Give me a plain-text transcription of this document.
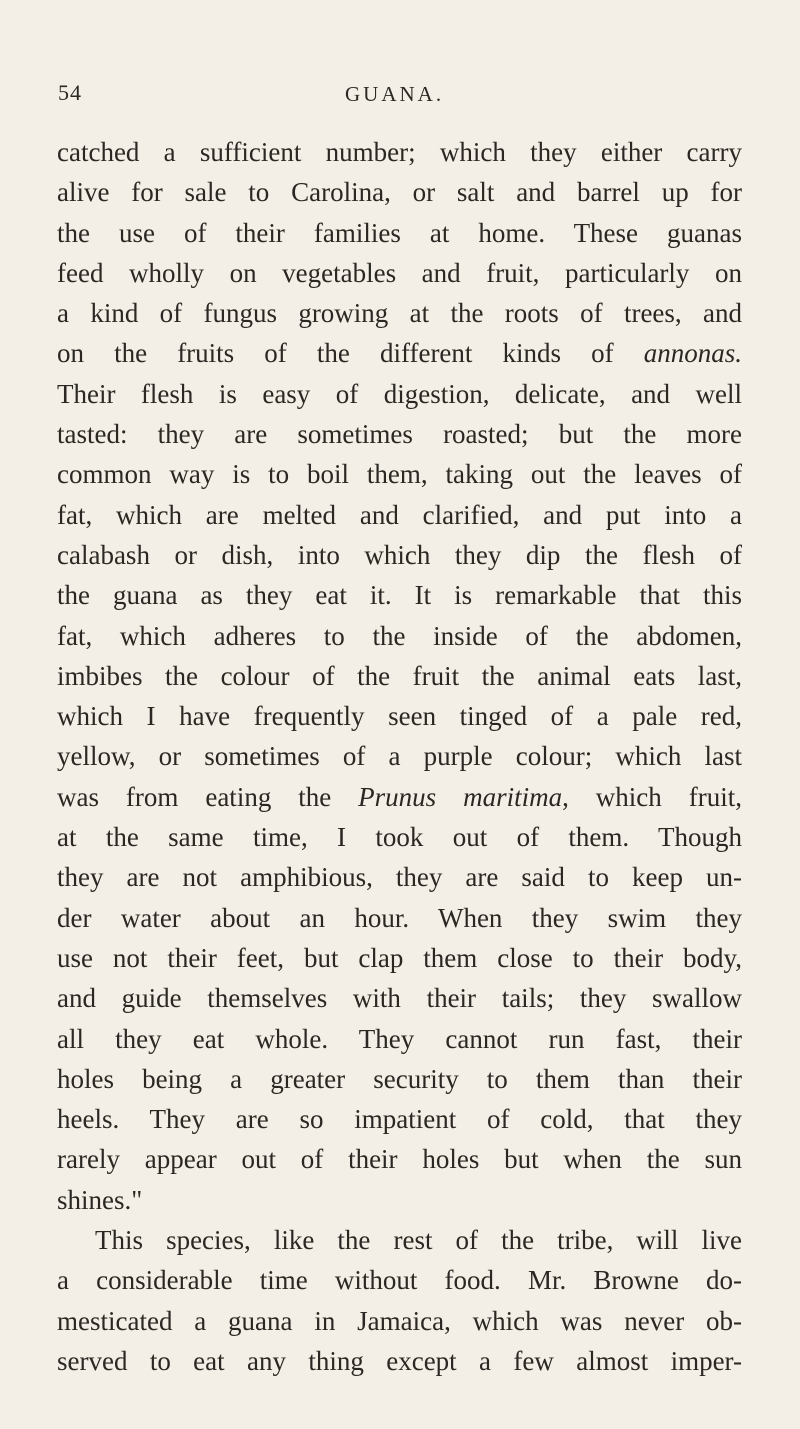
54	GUANA.
catched a sufficient number; which they either carry
alive for sale to Carolina, or salt and barrel up for
the use of their families at home. These guanas
feed wholly on vegetables and fruit, particularly on
a kind of fungus growing at the roots of trees, and
on the fruits of the different kinds of annonas.
Their flesh is easy of digestion, delicate, and well
tasted: they are sometimes roasted; but the more
common way is to boil them, taking out the leaves of
fat, which are melted and clarified, and put into a
calabash or dish, into which they dip the flesh of
the guana as they eat it. It is remarkable that this
fat, which adheres to the inside of the abdomen,
imbibes the colour of the fruit the animal eats last,
which I have frequently seen tinged of a pale red,
yellow, or sometimes of a purple colour; which last
was from eating the Prunus maritima, which fruit,
at the same time, I took out of them. Though
they are not amphibious, they are said to keep un-
der water about an hour. When they swim they
use not their feet, but clap them close to their body,
and guide themselves with their tails; they swallow
all they eat whole. They cannot run fast, their
holes being a greater security to them than their
heels. They are so impatient of cold, that they
rarely appear out of their holes but when the sun
shines."
This species, like the rest of the tribe, will live
a considerable time without food. Mr. Browne do-
mesticated a guana in Jamaica, which was never ob-
served to eat any thing except a few almost imper-
